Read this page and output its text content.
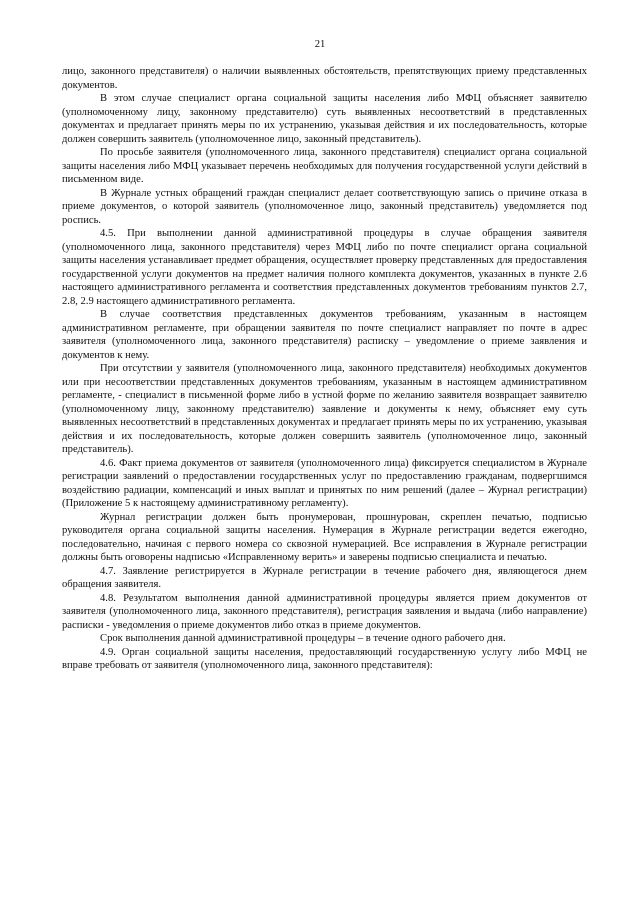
21

лицо, законного представителя) о наличии выявленных обстоятельств, препятствующих приему представленных документов.

В этом случае специалист органа социальной защиты населения либо МФЦ объясняет заявителю (уполномоченному лицу, законному представителю) суть выявленных несоответствий в представленных документах и предлагает принять меры по их устранению, указывая действия и их последовательность, которые должен совершить заявитель (уполномоченное лицо, законный представитель).

По просьбе заявителя (уполномоченного лица, законного представителя) специалист органа социальной защиты населения либо МФЦ указывает перечень необходимых для получения государственной услуги действий в письменном виде.

В Журнале устных обращений граждан специалист делает соответствующую запись о причине отказа в приеме документов, о которой заявитель (уполномоченное лицо, законный представитель) уведомляется под роспись.

4.5. При выполнении данной административной процедуры в случае обращения заявителя (уполномоченного лица, законного представителя) через МФЦ либо по почте специалист органа социальной защиты населения устанавливает предмет обращения, осуществляет проверку представленных для предоставления государственной услуги документов на предмет наличия полного комплекта документов, указанных в пункте 2.6 настоящего административного регламента и соответствия представленных документов требованиям пунктов 2.7, 2.8, 2.9 настоящего административного регламента.

В случае соответствия представленных документов требованиям, указанным в настоящем административном регламенте, при обращении заявителя по почте специалист направляет по почте в адрес заявителя (уполномоченного лица, законного представителя) расписку – уведомление о приеме заявления и документов к нему.

При отсутствии у заявителя (уполномоченного лица, законного представителя) необходимых документов или при несоответствии представленных документов требованиям, указанным в настоящем административном регламенте, - специалист в письменной форме либо в устной форме по желанию заявителя возвращает заявителю (уполномоченному лицу, законному представителю) заявление и документы к нему, объясняет ему суть выявленных несоответствий в представленных документах и предлагает принять меры по их устранению, указывая действия и их последовательность, которые должен совершить заявитель (уполномоченное лицо, законный представитель).

4.6. Факт приема документов от заявителя (уполномоченного лица) фиксируется специалистом в Журнале регистрации заявлений о предоставлении государственных услуг по предоставлению гражданам, подвергшимся воздействию радиации, компенсаций и иных выплат и принятых по ним решений (далее – Журнал регистрации) (Приложение 5 к настоящему административному регламенту).

Журнал регистрации должен быть пронумерован, прошнурован, скреплен печатью, подписью руководителя органа социальной защиты населения. Нумерация в Журнале регистрации ведется ежегодно, последовательно, начиная с первого номера со сквозной нумерацией. Все исправления в Журнале регистрации должны быть оговорены надписью «Исправленному верить» и заверены подписью специалиста и печатью.

4.7. Заявление регистрируется в Журнале регистрации в течение рабочего дня, являющегося днем обращения заявителя.

4.8. Результатом выполнения данной административной процедуры является прием документов от заявителя (уполномоченного лица, законного представителя), регистрация заявления и выдача (либо направление) расписки - уведомления о приеме документов либо отказ в приеме документов.

Срок выполнения данной административной процедуры – в течение одного рабочего дня.

4.9. Орган социальной защиты населения, предоставляющий государственную услугу либо МФЦ не вправе требовать от заявителя (уполномоченного лица, законного представителя):
